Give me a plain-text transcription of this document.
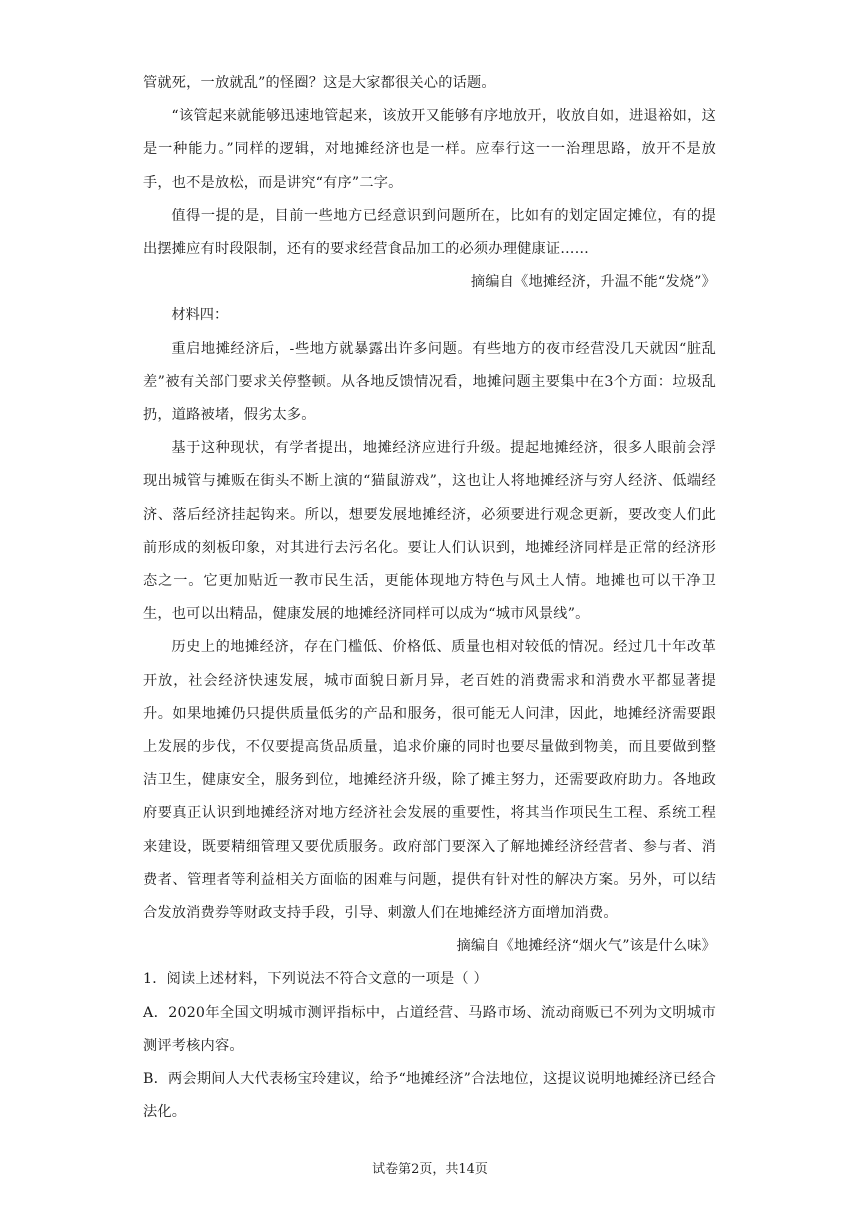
管就死，一放就乱”的怪圈？这是大家都很关心的话题。

“该管起来就能够迅速地管起来，该放开又能够有序地放开，收放自如，进退裕如，这是一种能力。”同样的逻辑，对地摊经济也是一样。应奉行这一一治理思路，放开不是放手，也不是放松，而是讲究“有序”二字。

值得一提的是，目前一些地方已经意识到问题所在，比如有的划定固定摊位，有的提出摆摊应有时段限制，还有的要求经营食品加工的必须办理健康证……

摘编自《地摊经济，升温不能“发烧”》

材料四：

重启地摊经济后，-些地方就暴露出许多问题。有些地方的夜市经营没几天就因“脏乱差”被有关部门要求关停整顿。从各地反馈情况看，地摊问题主要集中在3个方面：垃圾乱扔，道路被堵，假劣太多。

基于这种现状，有学者提出，地摊经济应进行升级。提起地摊经济，很多人眼前会浮现出城管与摊贩在街头不断上演的“猫鼠游戏”，这也让人将地摊经济与穷人经济、低端经济、落后经济挂起钩来。所以，想要发展地摊经济，必须要进行观念更新，要改变人们此前形成的刻板印象，对其进行去污名化。要让人们认识到，地摊经济同样是正常的经济形态之一。它更加贴近一教市民生活，更能体现地方特色与风土人情。地摊也可以干净卫生，也可以出精品，健康发展的地摊经济同样可以成为“城市风景线”。

历史上的地摊经济，存在门槛低、价格低、质量也相对较低的情况。经过几十年改革开放，社会经济快速发展，城市面貌日新月异，老百姓的消费需求和消费水平都显著提升。如果地摊仍只提供质量低劣的产品和服务，很可能无人问津，因此，地摊经济需要跟上发展的步伐，不仅要提高货品质量，追求价廉的同时也要尽量做到物美，而且要做到整洁卫生，健康安全，服务到位，地摊经济升级，除了摊主努力，还需要政府助力。各地政府要真正认识到地摊经济对地方经济社会发展的重要性，将其当作项民生工程、系统工程来建设，既要精细管理又要优质服务。政府部门要深入了解地摊经济经营者、参与者、消费者、管理者等利益相关方面临的困难与问题，提供有针对性的解决方案。另外，可以结合发放消费券等财政支持手段，引导、刺激人们在地摊经济方面增加消费。

摘编自《地摊经济“烟火气”该是什么味》

1．阅读上述材料，下列说法不符合文意的一项是（ ）

A．2020年全国文明城市测评指标中，占道经营、马路市场、流动商贩已不列为文明城市测评考核内容。

B．两会期间人大代表杨宝玲建议，给予“地摊经济”合法地位，这提议说明地摊经济已经合法化。

试卷第2页，共14页
